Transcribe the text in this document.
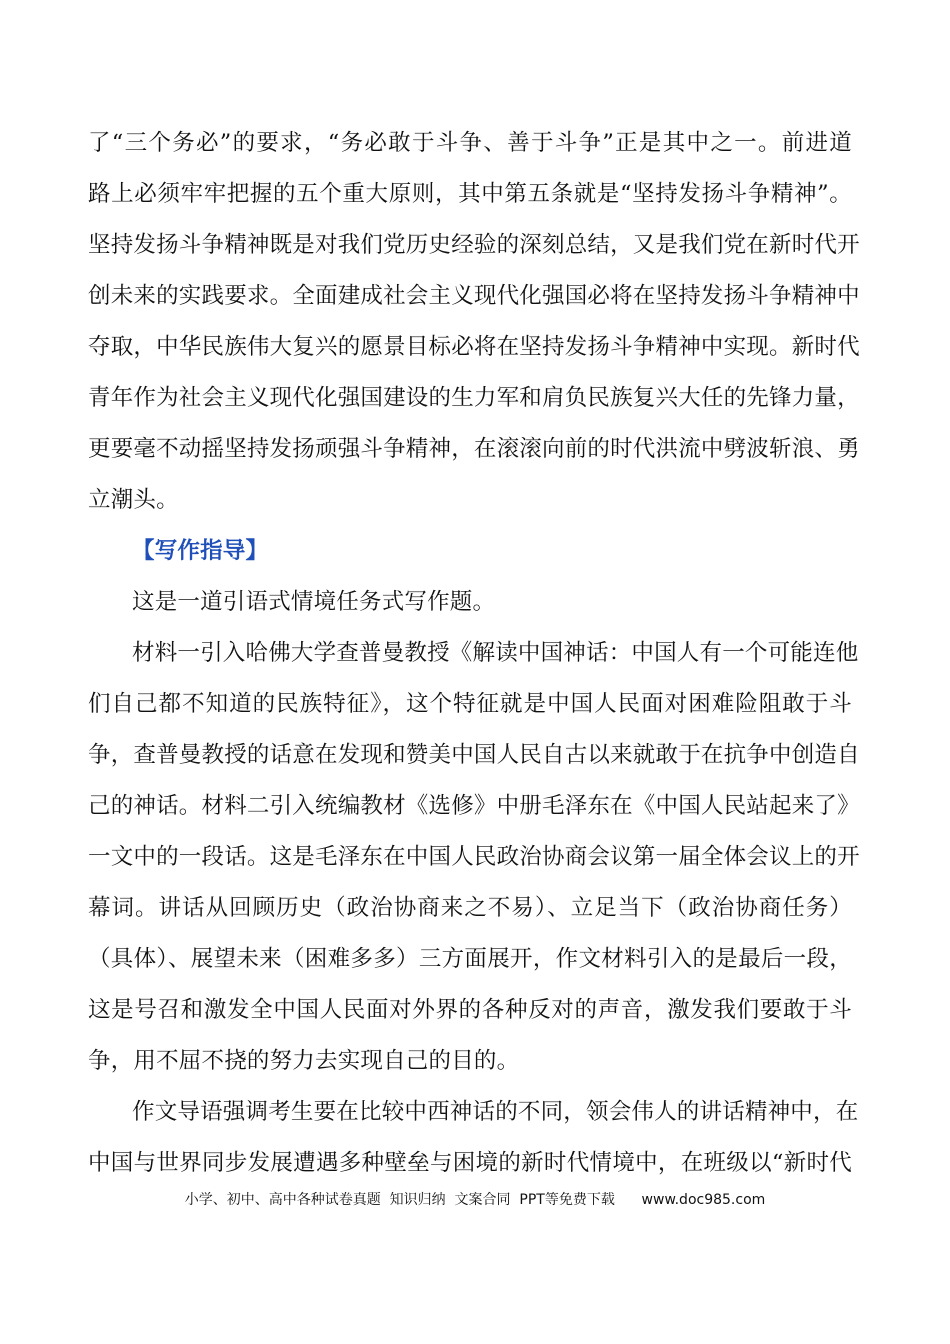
了“三个务必”的要求，“务必敢于斗争、善于斗争”正是其中之一。前进道
路上必须牢牢把握的五个重大原则，其中第五条就是“坚持发扬斗争精神”。
坚持发扬斗争精神既是对我们党历史经验的深刻总结，又是我们党在新时代开
创未来的实践要求。全面建成社会主义现代化强国必将在坚持发扬斗争精神中
夺取，中华民族伟大复兴的愿景目标必将在坚持发扬斗争精神中实现。新时代
青年作为社会主义现代化强国建设的生力军和肩负民族复兴大任的先锋力量，
更要毫不动摇坚持发扬顽强斗争精神，在滚滚向前的时代洪流中劈波斩浪、勇
立潮头。
【写作指导】
这是一道引语式情境任务式写作题。
材料一引入哈佛大学查普曼教授《解读中国神话：中国人有一个可能连他
们自己都不知道的民族特征》，这个特征就是中国人民面对困难险阻敢于斗
争，查普曼教授的话意在发现和赞美中国人民自古以来就敢于在抗争中创造自
己的神话。材料二引入统编教材《选修》中册毛泽东在《中国人民站起来了》
一文中的一段话。这是毛泽东在中国人民政治协商会议第一届全体会议上的开
幕词。讲话从回顾历史（政治协商来之不易）、立足当下（政治协商任务）
（具体）、展望未来（困难多多）三方面展开，作文材料引入的是最后一段，
这是号召和激发全中国人民面对外界的各种反对的声音，激发我们要敢于斗
争，用不屈不挠的努力去实现自己的目的。
作文导语强调考生要在比较中西神话的不同，领会伟人的讲话精神中，在
中国与世界同步发展遭遇多种壁垒与困境的新时代情境中，在班级以“新时代
小学、初中、高中各种试卷真题  知识归纳  文案合同  PPT等免费下载      www.doc985.com
